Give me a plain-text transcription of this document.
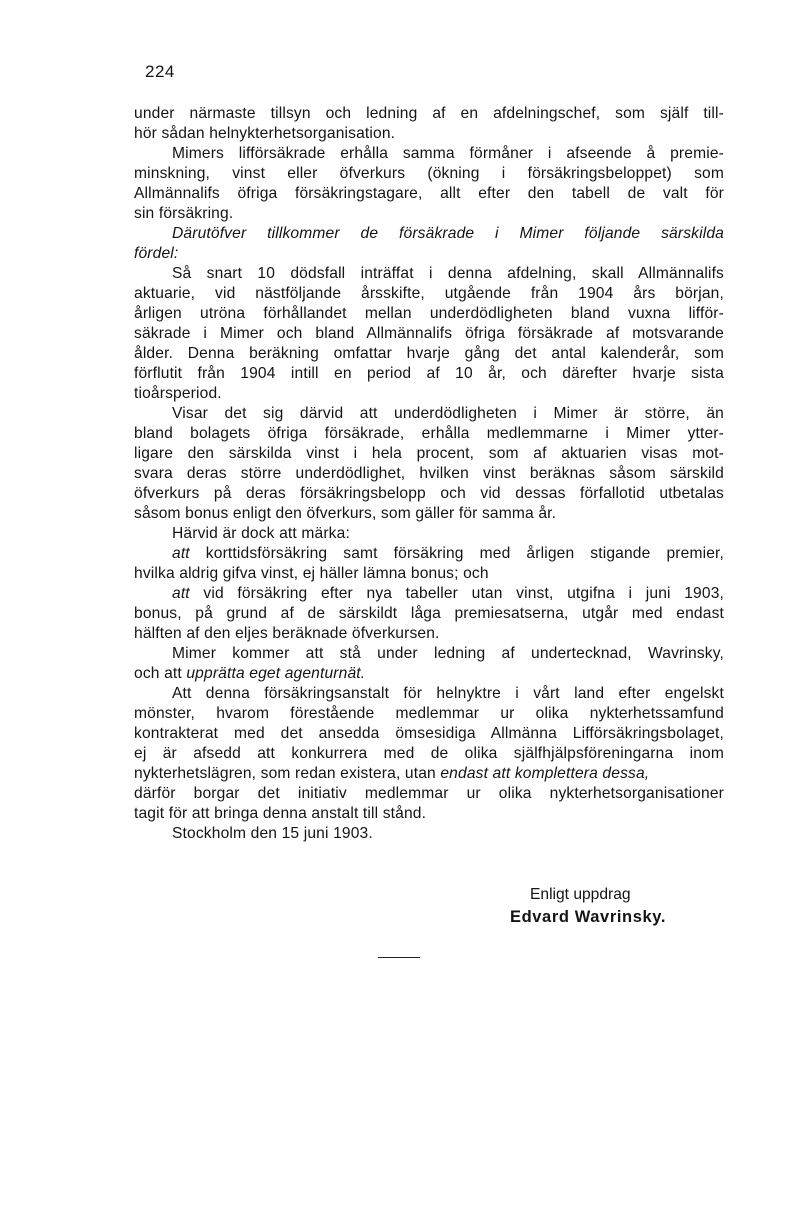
224
under närmaste tillsyn och ledning af en afdelningschef, som själf till-
hör sådan helnykterhetsorganisation.
Mimers lifförsäkrade erhålla samma förmåner i afseende å premie-
minskning, vinst eller öfverkurs (ökning i försäkringsbeloppet) som
Allmännalifs öfriga försäkringstagare, allt efter den tabell de valt för
sin försäkring.
Därutöfver tillkommer de försäkrade i Mimer följande särskilda
fördel:
Så snart 10 dödsfall inträffat i denna afdelning, skall Allmännalifs
aktuarie, vid nästföljande årsskifte, utgående från 1904 års början,
årligen utröna förhållandet mellan underdödligheten bland vuxna lifför-
säkrade i Mimer och bland Allmännalifs öfriga försäkrade af motsvarande
ålder. Denna beräkning omfattar hvarje gång det antal kalenderår, som
förflutit från 1904 intill en period af 10 år, och därefter hvarje sista
tioårsperiod.
Visar det sig därvid att underdödligheten i Mimer är större, än
bland bolagets öfriga försäkrade, erhålla medlemmarne i Mimer ytter-
ligare den särskilda vinst i hela procent, som af aktuarien visas mot-
svara deras större underdödlighet, hvilken vinst beräknas såsom särskild
öfverkurs på deras försäkringsbelopp och vid dessas förfallotid utbetalas
såsom bonus enligt den öfverkurs, som gäller för samma år.
Härvid är dock att märka:
att korttidsförsäkring samt försäkring med årligen stigande premier,
hvilka aldrig gifva vinst, ej häller lämna bonus; och
att vid försäkring efter nya tabeller utan vinst, utgifna i juni 1903,
bonus, på grund af de särskildt låga premiesatserna, utgår med endast
hälften af den eljes beräknade öfverkursen.
Mimer kommer att stå under ledning af undertecknad, Wavrinsky,
och att upprätta eget agenturnät.
Att denna försäkringsanstalt för helnyktre i vårt land efter engelskt
mönster, hvarom förestående medlemmar ur olika nykterhetssamfund
kontrakterat med det ansedda ömsesidiga Allmänna Lifförsäkringsbolaget,
ej är afsedd att konkurrera med de olika själfhjälpsföreningarna inom
nykterhetslägren, som redan existera, utan endast att komplettera dessa,
därför borgar det initiativ medlemmar ur olika nykterhetsorganisationer
tagit för att bringa denna anstalt till stånd.
Stockholm den 15 juni 1903.
Enligt uppdrag
Edvard Wavrinsky.
